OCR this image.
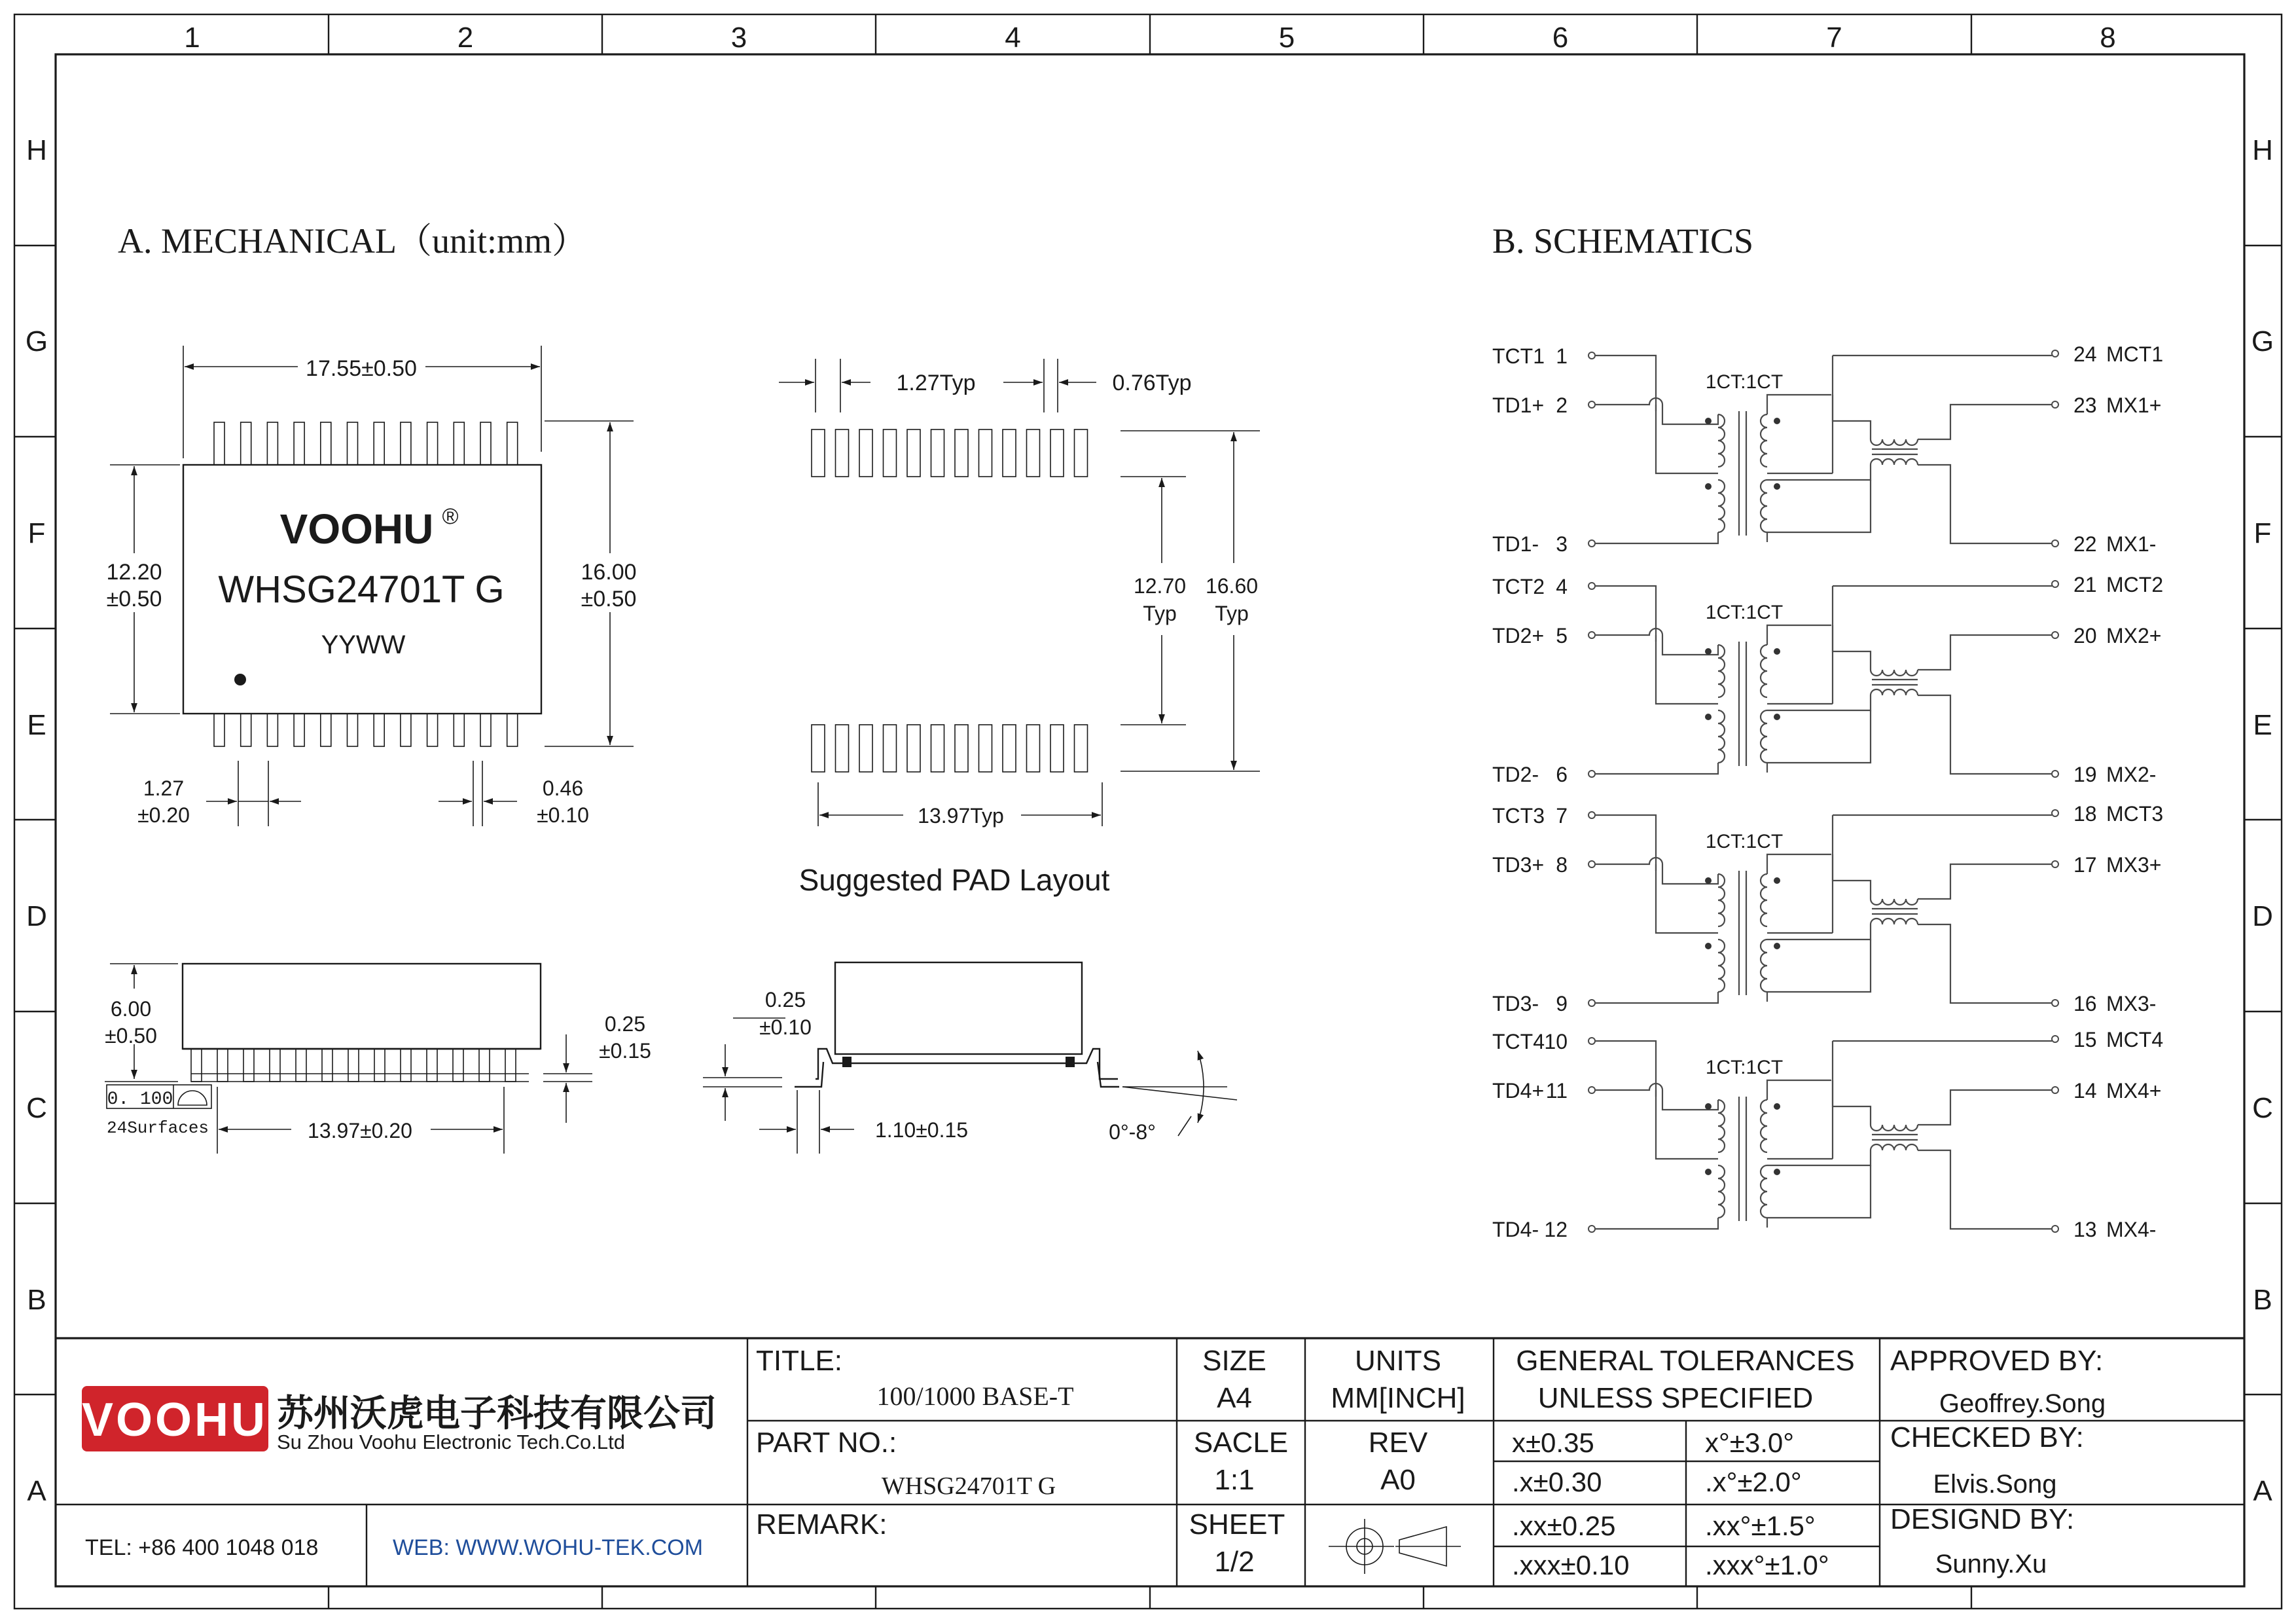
1	2	3	4	5	6	7	8
H	H
G	G
F	F
E	E
D	D
C	C
B	B
A	A
A. MECHANICAL（unit:mm）
VOOHU ®
WHSG24701T G
YYWW
17.55±0.50
12.20
±0.50
16.00
±0.50
1.27
±0.20
0.46
±0.10
6.00
±0.50	0.25
±0.15
0. 100
24Surfaces	13.97±0.20
0.25
±0.10
1.10±0.15	0°-8°
1.27Typ	0.76Typ
12.70
Typ
16.60
Typ
13.97Typ
Suggested PAD Layout
B. SCHEMATICS
TCT1 1
TD1+ 2
TD1- 3
24 MCT1
23 MX1+
22 MX1-
1CT:1CT
TCT2 4
TD2+ 5
TD2- 6
21 MCT2
20 MX2+
19 MX2-
1CT:1CT
TCT3 7
TD3+ 8
TD3- 9
18 MCT3
17 MX3+
16 MX3-
1CT:1CT
TCT4 10
TD4+ 11
TD4- 12
15 MCT4
14 MX4+
13 MX4-
1CT:1CT
VOOHU 苏州沃虎电子科技有限公司
Su Zhou Voohu Electronic Tech.Co.Ltd
TEL: +86 400 1048 018	WEB: WWW.WOHU-TEK.COM
TITLE:
100/1000 BASE-T
PART NO.:
WHSG24701T G
REMARK:
SIZE
A4
UNITS
MM[INCH]
SACLE
1:1
REV
A0
SHEET
1/2
GENERAL TOLERANCES
UNLESS SPECIFIED
x±0.35	x°±3.0°
.x±0.30	.x°±2.0°
.xx±0.25	.xx°±1.5°
.xxx±0.10	.xxx°±1.0°
APPROVED BY:
Geoffrey.Song
CHECKED BY:
Elvis.Song
DESIGND BY:
Sunny.Xu
